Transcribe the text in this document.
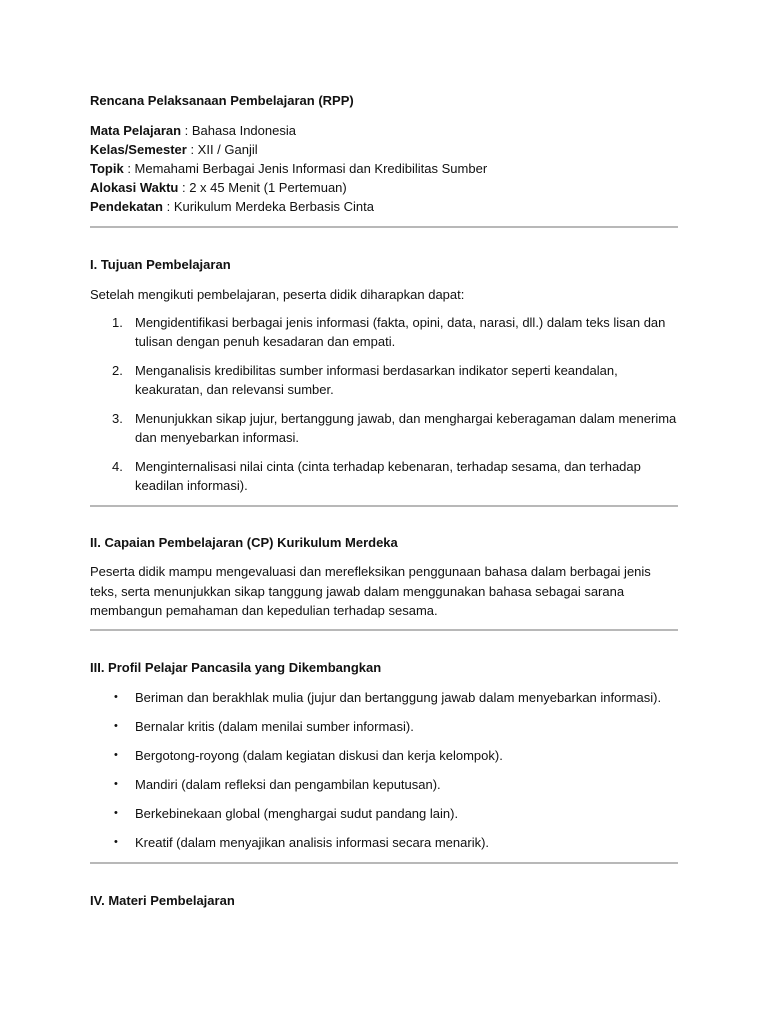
Rencana Pelaksanaan Pembelajaran (RPP)
Mata Pelajaran : Bahasa Indonesia
Kelas/Semester : XII / Ganjil
Topik : Memahami Berbagai Jenis Informasi dan Kredibilitas Sumber
Alokasi Waktu : 2 x 45 Menit (1 Pertemuan)
Pendekatan : Kurikulum Merdeka Berbasis Cinta
I. Tujuan Pembelajaran
Setelah mengikuti pembelajaran, peserta didik diharapkan dapat:
1. Mengidentifikasi berbagai jenis informasi (fakta, opini, data, narasi, dll.) dalam teks lisan dan tulisan dengan penuh kesadaran dan empati.
2. Menganalisis kredibilitas sumber informasi berdasarkan indikator seperti keandalan, keakuratan, dan relevansi sumber.
3. Menunjukkan sikap jujur, bertanggung jawab, dan menghargai keberagaman dalam menerima dan menyebarkan informasi.
4. Menginternalisasi nilai cinta (cinta terhadap kebenaran, terhadap sesama, dan terhadap keadilan informasi).
II. Capaian Pembelajaran (CP) Kurikulum Merdeka
Peserta didik mampu mengevaluasi dan merefleksikan penggunaan bahasa dalam berbagai jenis teks, serta menunjukkan sikap tanggung jawab dalam menggunakan bahasa sebagai sarana membangun pemahaman dan kepedulian terhadap sesama.
III. Profil Pelajar Pancasila yang Dikembangkan
•	Beriman dan berakhlak mulia (jujur dan bertanggung jawab dalam menyebarkan informasi).
•	Bernalar kritis (dalam menilai sumber informasi).
•	Bergotong-royong (dalam kegiatan diskusi dan kerja kelompok).
•	Mandiri (dalam refleksi dan pengambilan keputusan).
•	Berkebinekaan global (menghargai sudut pandang lain).
•	Kreatif (dalam menyajikan analisis informasi secara menarik).
IV. Materi Pembelajaran
